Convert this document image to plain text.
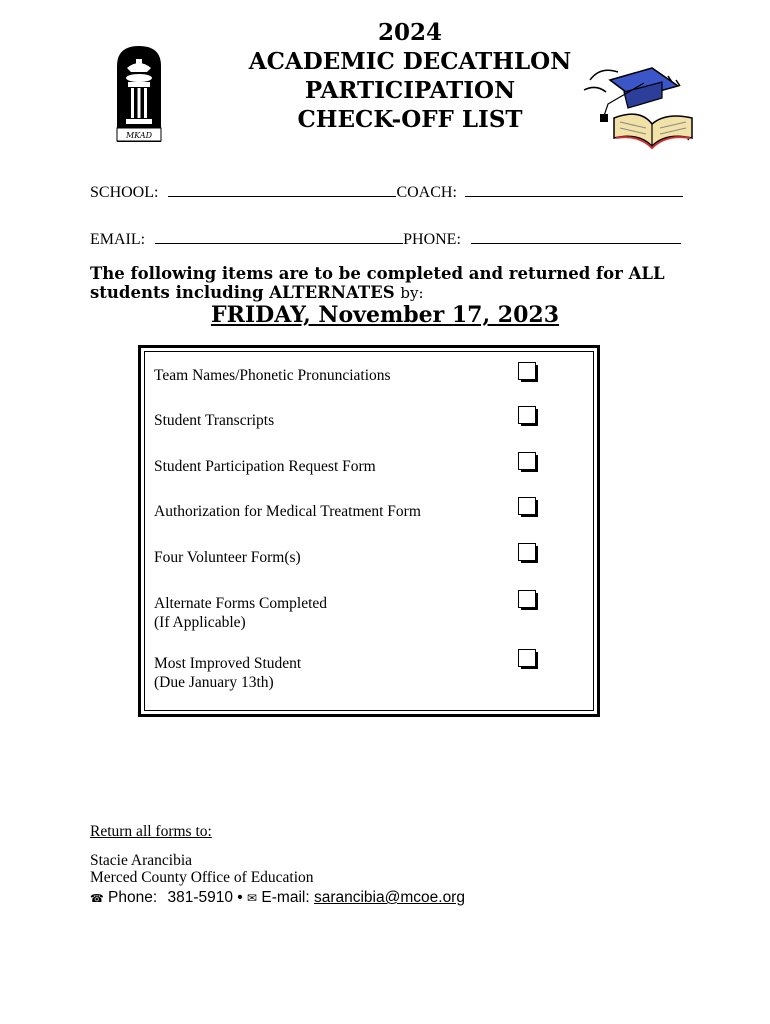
2024
ACADEMIC DECATHLON
PARTICIPATION
CHECK-OFF LIST
MKAD
SCHOOL:	COACH:
EMAIL:	PHONE:
The following items are to be completed and returned for ALL students including ALTERNATES by:
FRIDAY, November 17, 2023
Team Names/Phonetic Pronunciations
Student Transcripts
Student Participation Request Form
Authorization for Medical Treatment Form
Four Volunteer Form(s)
Alternate Forms Completed
(If Applicable)
Most Improved Student
(Due January 13th)
Return all forms to:
Stacie Arancibia
Merced County Office of Education
☎ Phone: 381-5910 • ✉ E-mail: sarancibia@mcoe.org
